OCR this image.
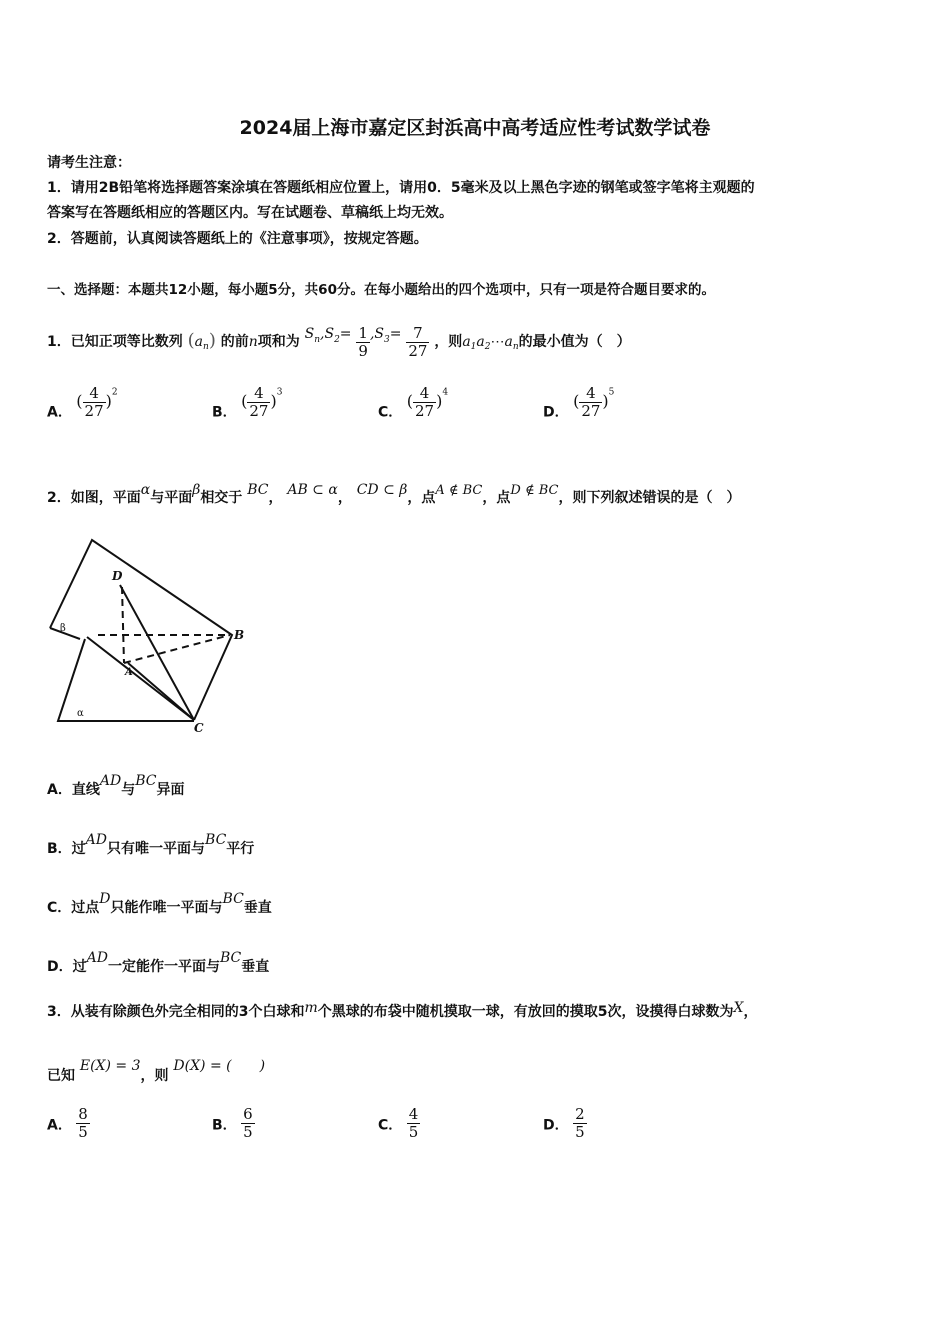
2024届上海市嘉定区封浜高中高考适应性考试数学试卷
请考生注意：
1．请用2B铅笔将选择题答案涂填在答题纸相应位置上，请用0．5毫米及以上黑色字迹的钢笔或签字笔将主观题的
答案写在答题纸相应的答题区内。写在试题卷、草稿纸上均无效。
2．答题前，认真阅读答题纸上的《注意事项》，按规定答题。
一、选择题：本题共12小题，每小题5分，共60分。在每小题给出的四个选项中，只有一项是符合题目要求的。
1．已知正项等比数列 $(a_n)$ 的前n项和为 $S^n,S^2= \frac{1}{9} ,S^3= \frac{7}{27}$ ，则$a_1a_2\cdots a_n$的最小值为（　）
A． ( $\frac{4}{27} )^2$
B． ( $\frac{4}{27} )^3$
C． ( $\frac{4}{27} )^4$
D． ( $\frac{4}{27} )^5$
2．如图，平面α与平面β相交于 BC， AB ⊂ α， CD ⊂ β，点A ∉ BC，点D ∉ BC，则下列叙述错误的是（　）
D
B
C
A
β
α
A．直线AD与BC异面
B．过AD只有唯一平面与BC平行
C．过点D只能作唯一平面与BC垂直
D．过AD一定能作一平面与BC垂直
3．从装有除颜色外完全相同的3个白球和m个黑球的布袋中随机摸取一球，有放回的摸取5次，设摸得白球数为X，
已知 E(X) = 3，则 D(X) = (　　)
A． $\frac{8}{5}$	B． $\frac{6}{5}$	C． $\frac{4}{5}$	D． $\frac{2}{5}$
